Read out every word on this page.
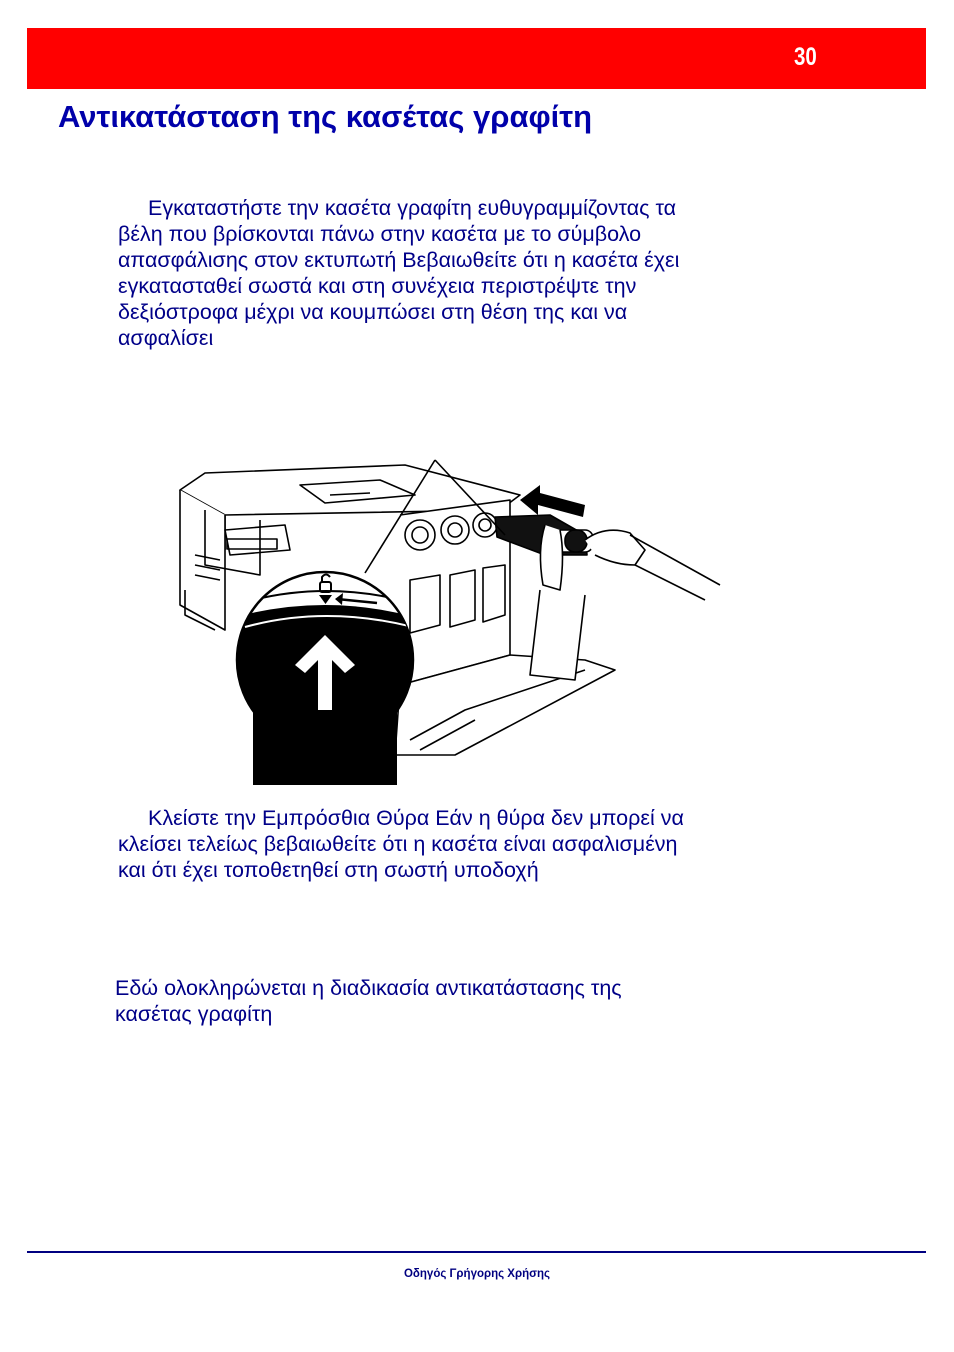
30
Αντικατάσταση της κασέτας γραφίτη

Εγκαταστήστε την κασέτα γραφίτη ευθυγραμμίζοντας τα
βέλη που βρίσκονται πάνω στην κασέτα με το σύμβολο
απασφάλισης στον εκτυπωτή Βεβαιωθείτε ότι η κασέτα έχει
εγκατασταθεί σωστά και στη συνέχεια περιστρέψτε την
δεξιόστροφα μέχρι να κουμπώσει στη θέση της και να
ασφαλίσει

Κλείστε την Εμπρόσθια Θύρα Εάν η θύρα δεν μπορεί να
κλείσει τελείως βεβαιωθείτε ότι η κασέτα είναι ασφαλισμένη
και ότι έχει τοποθετηθεί στη σωστή υποδοχή

Εδώ ολοκληρώνεται η διαδικασία αντικατάστασης της
κασέτας γραφίτη

Οδηγός Γρήγορης Χρήσης
